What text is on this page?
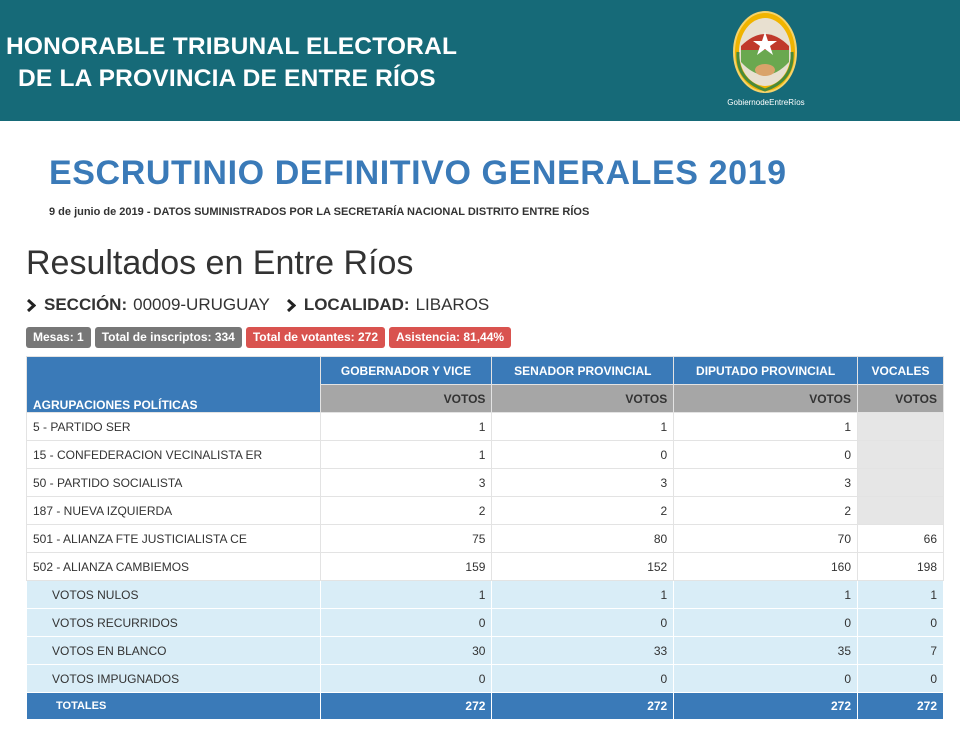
HONORABLE TRIBUNAL ELECTORAL
DE LA PROVINCIA DE ENTRE RÍOS
GobiernodeEntreRíos
ESCRUTINIO DEFINITIVO GENERALES 2019
9 de junio de 2019 - DATOS SUMINISTRADOS POR LA SECRETARÍA NACIONAL DISTRITO ENTRE RÍOS
Resultados en Entre Ríos
SECCIÓN: 00009-URUGUAY LOCALIDAD: LIBAROS
Mesas: 1	Total de inscriptos: 334	Total de votantes: 272	Asistencia: 81,44%
AGRUPACIONES POLÍTICAS	GOBERNADOR Y VICE	SENADOR PROVINCIAL	DIPUTADO PROVINCIAL	VOCALES
	VOTOS	VOTOS	VOTOS	VOTOS
5 - PARTIDO SER	1	1	1	
15 - CONFEDERACION VECINALISTA ER	1	0	0	
50 - PARTIDO SOCIALISTA	3	3	3	
187 - NUEVA IZQUIERDA	2	2	2	
501 - ALIANZA FTE JUSTICIALISTA CE	75	80	70	66
502 - ALIANZA CAMBIEMOS	159	152	160	198
VOTOS NULOS	1	1	1	1
VOTOS RECURRIDOS	0	0	0	0
VOTOS EN BLANCO	30	33	35	7
VOTOS IMPUGNADOS	0	0	0	0
TOTALES	272	272	272	272
